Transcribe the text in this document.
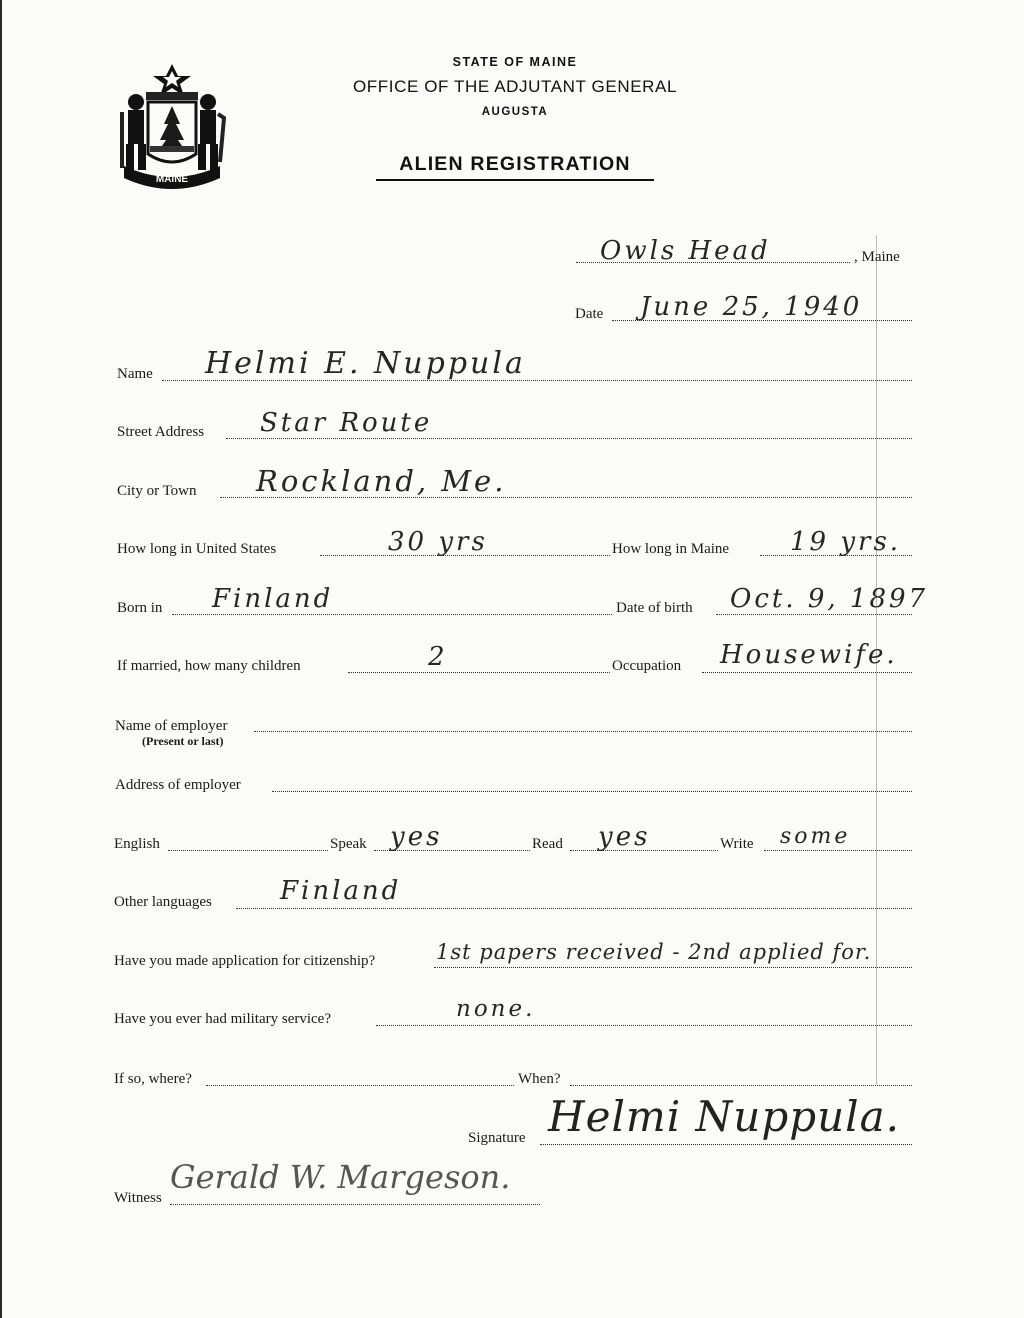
MAINE
STATE OF MAINE
OFFICE OF THE ADJUTANT GENERAL
AUGUSTA
ALIEN REGISTRATION
Owls Head	, Maine
Date June 25, 1940
Name Helmi E. Nuppula
Street Address Star Route
City or Town Rockland, Me.
How long in United States	30 yrs	How long in Maine 19 yrs.
Born in Finland	Date of birth Oct. 9, 1897
If married, how many children	2	Occupation Housewife.
Name of employer
(Present or last)
Address of employer
English	Speak yes	Read yes	Write some
Other languages	Finland
Have you made application for citizenship?	1st papers received - 2nd applied for.
Have you ever had military service?	none.
If so, where?	When?
Signature Helmi Nuppula.
Witness
Gerald W. Margeson.
